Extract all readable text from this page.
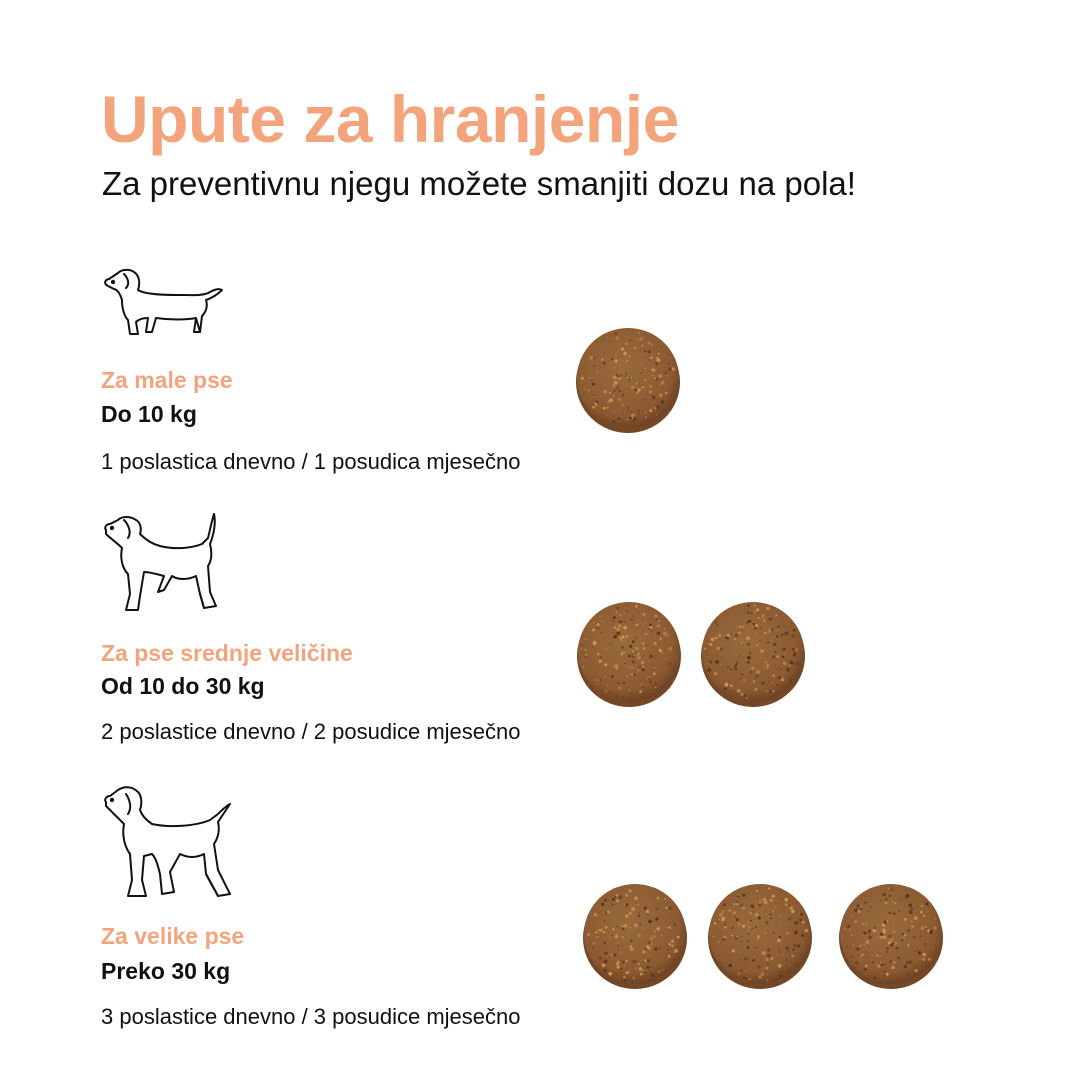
Upute za hranjenje

Za preventivnu njegu možete smanjiti dozu na pola!

Za male pse
Do 10 kg
1 poslastica dnevno / 1 posudica mjesečno
Za pse srednje veličine
Od 10 do 30 kg
2 poslastice dnevno / 2 posudice mjesečno
Za velike pse
Preko 30 kg
3 poslastice dnevno / 3 posudice mjesečno
